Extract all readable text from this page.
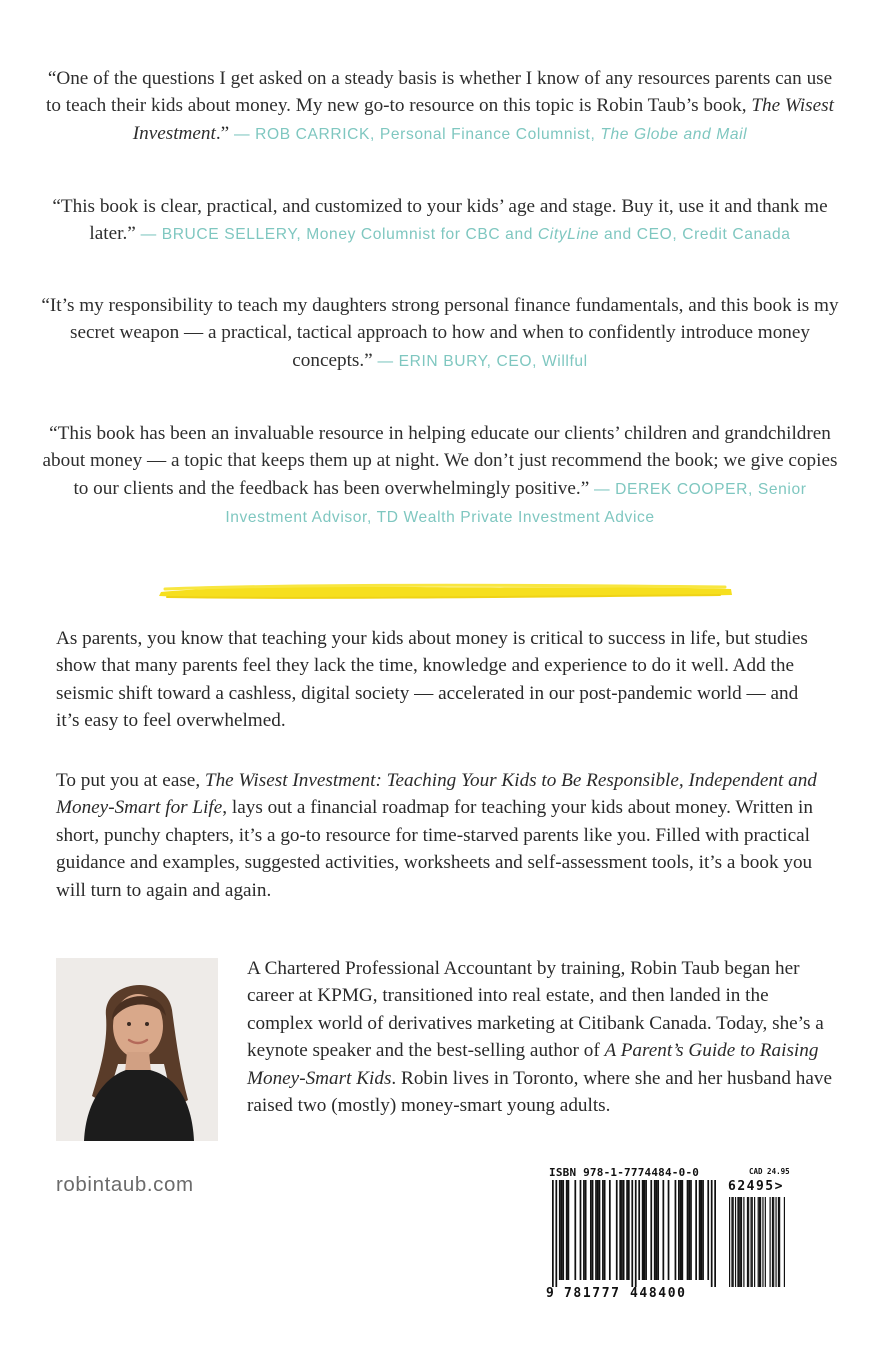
“One of the questions I get asked on a steady basis is whether I know of any resources parents can use to teach their kids about money. My new go-to resource on this topic is Robin Taub’s book, The Wisest Investment.” — ROB CARRICK, Personal Finance Columnist, The Globe and Mail
“This book is clear, practical, and customized to your kids’ age and stage. Buy it, use it and thank me later.” — BRUCE SELLERY, Money Columnist for CBC and CityLine and CEO, Credit Canada
“It’s my responsibility to teach my daughters strong personal finance fundamentals, and this book is my secret weapon — a practical, tactical approach to how and when to confidently introduce money concepts.” — ERIN BURY, CEO, Willful
“This book has been an invaluable resource in helping educate our clients’ children and grandchildren about money — a topic that keeps them up at night. We don’t just recommend the book; we give copies to our clients and the feedback has been overwhelmingly positive.” — DEREK COOPER, Senior Investment Advisor, TD Wealth Private Investment Advice
As parents, you know that teaching your kids about money is critical to success in life, but studies show that many parents feel they lack the time, knowledge and experience to do it well. Add the seismic shift toward a cashless, digital society — accelerated in our post-pandemic world — and it’s easy to feel overwhelmed.
To put you at ease, The Wisest Investment: Teaching Your Kids to Be Responsible, Independent and Money-Smart for Life, lays out a financial roadmap for teaching your kids about money. Written in short, punchy chapters, it’s a go-to resource for time-starved parents like you. Filled with practical guidance and examples, suggested activities, worksheets and self-assessment tools, it’s a book you will turn to again and again.
A Chartered Professional Accountant by training, Robin Taub began her career at KPMG, transitioned into real estate, and then landed in the complex world of derivatives marketing at Citibank Canada. Today, she’s a keynote speaker and the best-selling author of A Parent’s Guide to Raising Money-Smart Kids. Robin lives in Toronto, where she and her husband have raised two (mostly) money-smart young adults.
robintaub.com
ISBN 978-1-7774484-0-0	CAD 24.95
62495>
9 781777 448400
